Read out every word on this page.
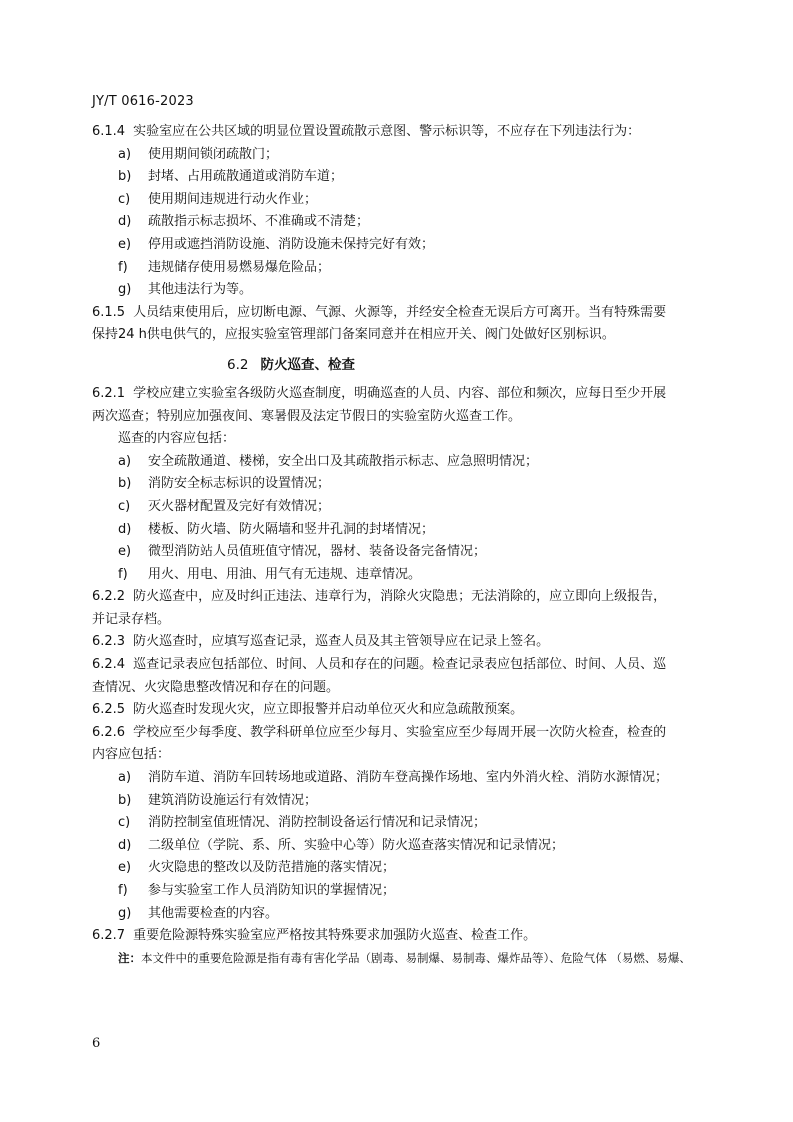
JY/T 0616-2023
6.1.4 实验室应在公共区域的明显位置设置疏散示意图、警示标识等，不应存在下列违法行为：
a) 使用期间锁闭疏散门；
b) 封堵、占用疏散通道或消防车道；
c) 使用期间违规进行动火作业；
d) 疏散指示标志损坏、不准确或不清楚；
e) 停用或遮挡消防设施、消防设施未保持完好有效；
f) 违规储存使用易燃易爆危险品；
g) 其他违法行为等。
6.1.5 人员结束使用后，应切断电源、气源、火源等，并经安全检查无误后方可离开。当有特殊需要
保持24 h供电供气的，应报实验室管理部门备案同意并在相应开关、阀门处做好区别标识。
6.2 防火巡查、检查
6.2.1 学校应建立实验室各级防火巡查制度，明确巡查的人员、内容、部位和频次，应每日至少开展
两次巡查；特别应加强夜间、寒暑假及法定节假日的实验室防火巡查工作。
巡查的内容应包括：
a) 安全疏散通道、楼梯，安全出口及其疏散指示标志、应急照明情况；
b) 消防安全标志标识的设置情况；
c) 灭火器材配置及完好有效情况；
d) 楼板、防火墙、防火隔墙和竖井孔洞的封堵情况；
e) 微型消防站人员值班值守情况，器材、装备设备完备情况；
f) 用火、用电、用油、用气有无违规、违章情况。
6.2.2 防火巡查中，应及时纠正违法、违章行为，消除火灾隐患；无法消除的，应立即向上级报告，
并记录存档。
6.2.3 防火巡查时，应填写巡查记录，巡查人员及其主管领导应在记录上签名。
6.2.4 巡查记录表应包括部位、时间、人员和存在的问题。检查记录表应包括部位、时间、人员、巡
查情况、火灾隐患整改情况和存在的问题。
6.2.5 防火巡查时发现火灾，应立即报警并启动单位灭火和应急疏散预案。
6.2.6 学校应至少每季度、教学科研单位应至少每月、实验室应至少每周开展一次防火检查，检查的
内容应包括：
a) 消防车道、消防车回转场地或道路、消防车登高操作场地、室内外消火栓、消防水源情况；
b) 建筑消防设施运行有效情况；
c) 消防控制室值班情况、消防控制设备运行情况和记录情况；
d) 二级单位（学院、系、所、实验中心等）防火巡查落实情况和记录情况；
e) 火灾隐患的整改以及防范措施的落实情况；
f) 参与实验室工作人员消防知识的掌握情况；
g) 其他需要检查的内容。
6.2.7 重要危险源特殊实验室应严格按其特殊要求加强防火巡查、检查工作。
注：本文件中的重要危险源是指有毒有害化学品（剧毒、易制爆、易制毒、爆炸品等）、危险气体 （易燃、易爆、
6
